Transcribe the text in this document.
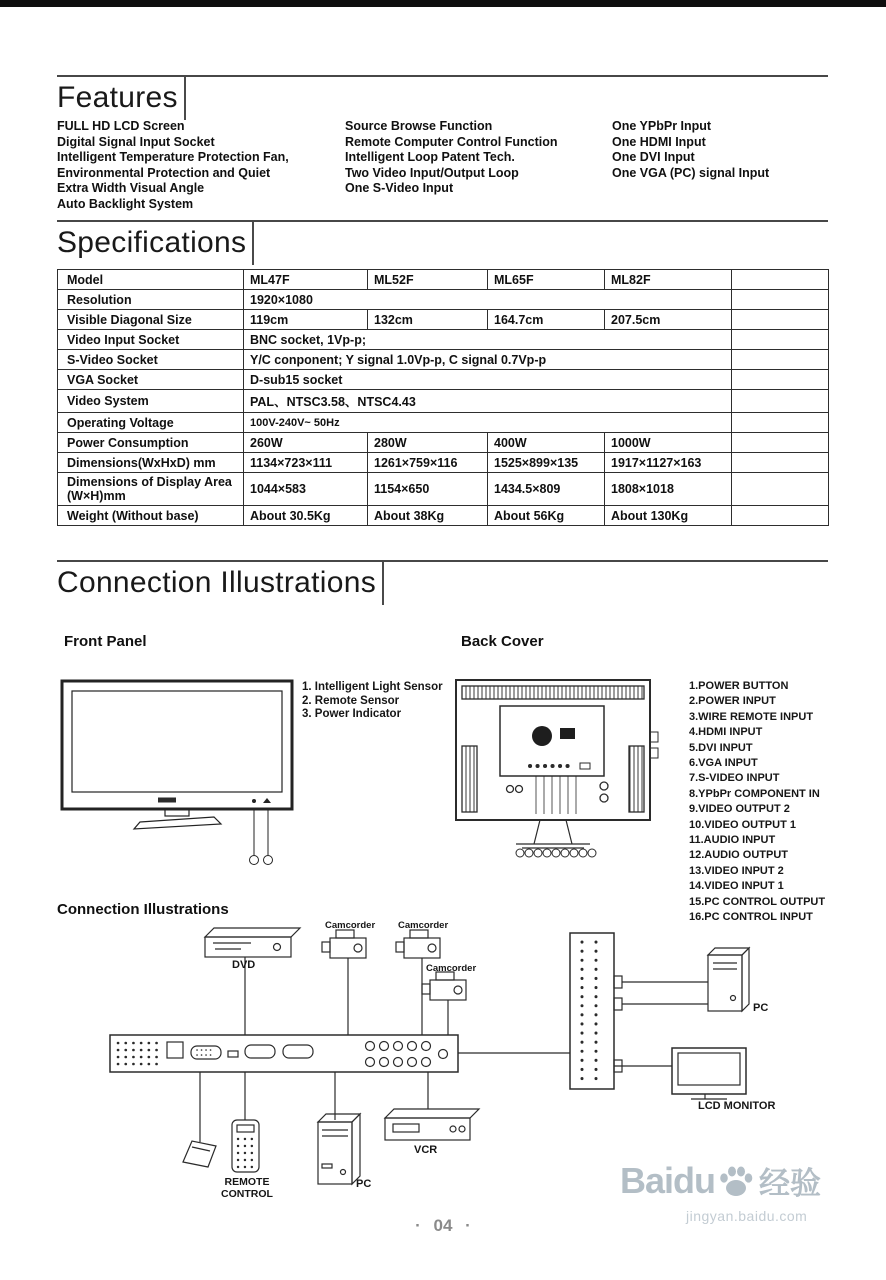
Features
FULL HD LCD Screen
Digital Signal Input Socket
Intelligent Temperature Protection Fan,
Environmental Protection and Quiet
Extra Width Visual Angle
Auto Backlight System
Source Browse Function
Remote Computer Control Function
Intelligent Loop Patent Tech.
Two Video Input/Output Loop
One S-Video Input
One YPbPr Input
One HDMI Input
One DVI Input
One VGA (PC) signal Input
Specifications
Model	ML47F	ML52F	ML65F	ML82F	
Resolution	1920×1080				
Visible Diagonal Size	119cm	132cm	164.7cm	207.5cm	
Video Input Socket	BNC socket, 1Vp-p;				
S-Video Socket	Y/C conponent; Y signal 1.0Vp-p, C signal 0.7Vp-p				
VGA Socket	D-sub15 socket				
Video System	PAL、NTSC3.58、NTSC4.43				
Operating Voltage	100V-240V~ 50Hz				
Power Consumption	260W	280W	400W	1000W	
Dimensions(WxHxD) mm	1134×723×111	1261×759×116	1525×899×135	1917×1127×163	
Dimensions of Display Area (W×H)mm	1044×583	1154×650	1434.5×809	1808×1018	
Weight (Without base)	About 30.5Kg	About 38Kg	About 56Kg	About 130Kg	
Connection Illustrations
Front Panel	Back Cover
1. Intelligent Light Sensor
2. Remote Sensor
3. Power Indicator
1.POWER BUTTON
2.POWER INPUT
3.WIRE REMOTE INPUT
4.HDMI INPUT
5.DVI INPUT
6.VGA INPUT
7.S-VIDEO INPUT
8.YPbPr COMPONENT IN
9.VIDEO OUTPUT 2
10.VIDEO OUTPUT 1
11.AUDIO INPUT
12.AUDIO OUTPUT
13.VIDEO INPUT 2
14.VIDEO INPUT 1
15.PC CONTROL OUTPUT
16.PC CONTROL INPUT
Connection Illustrations
Camcorder Camcorder
DVD	Camcorder
PC
LCD MONITOR
VCR
REMOTE
CONTROL
PC
· 04 ·
Baidu 经验
jingyan.baidu.com
